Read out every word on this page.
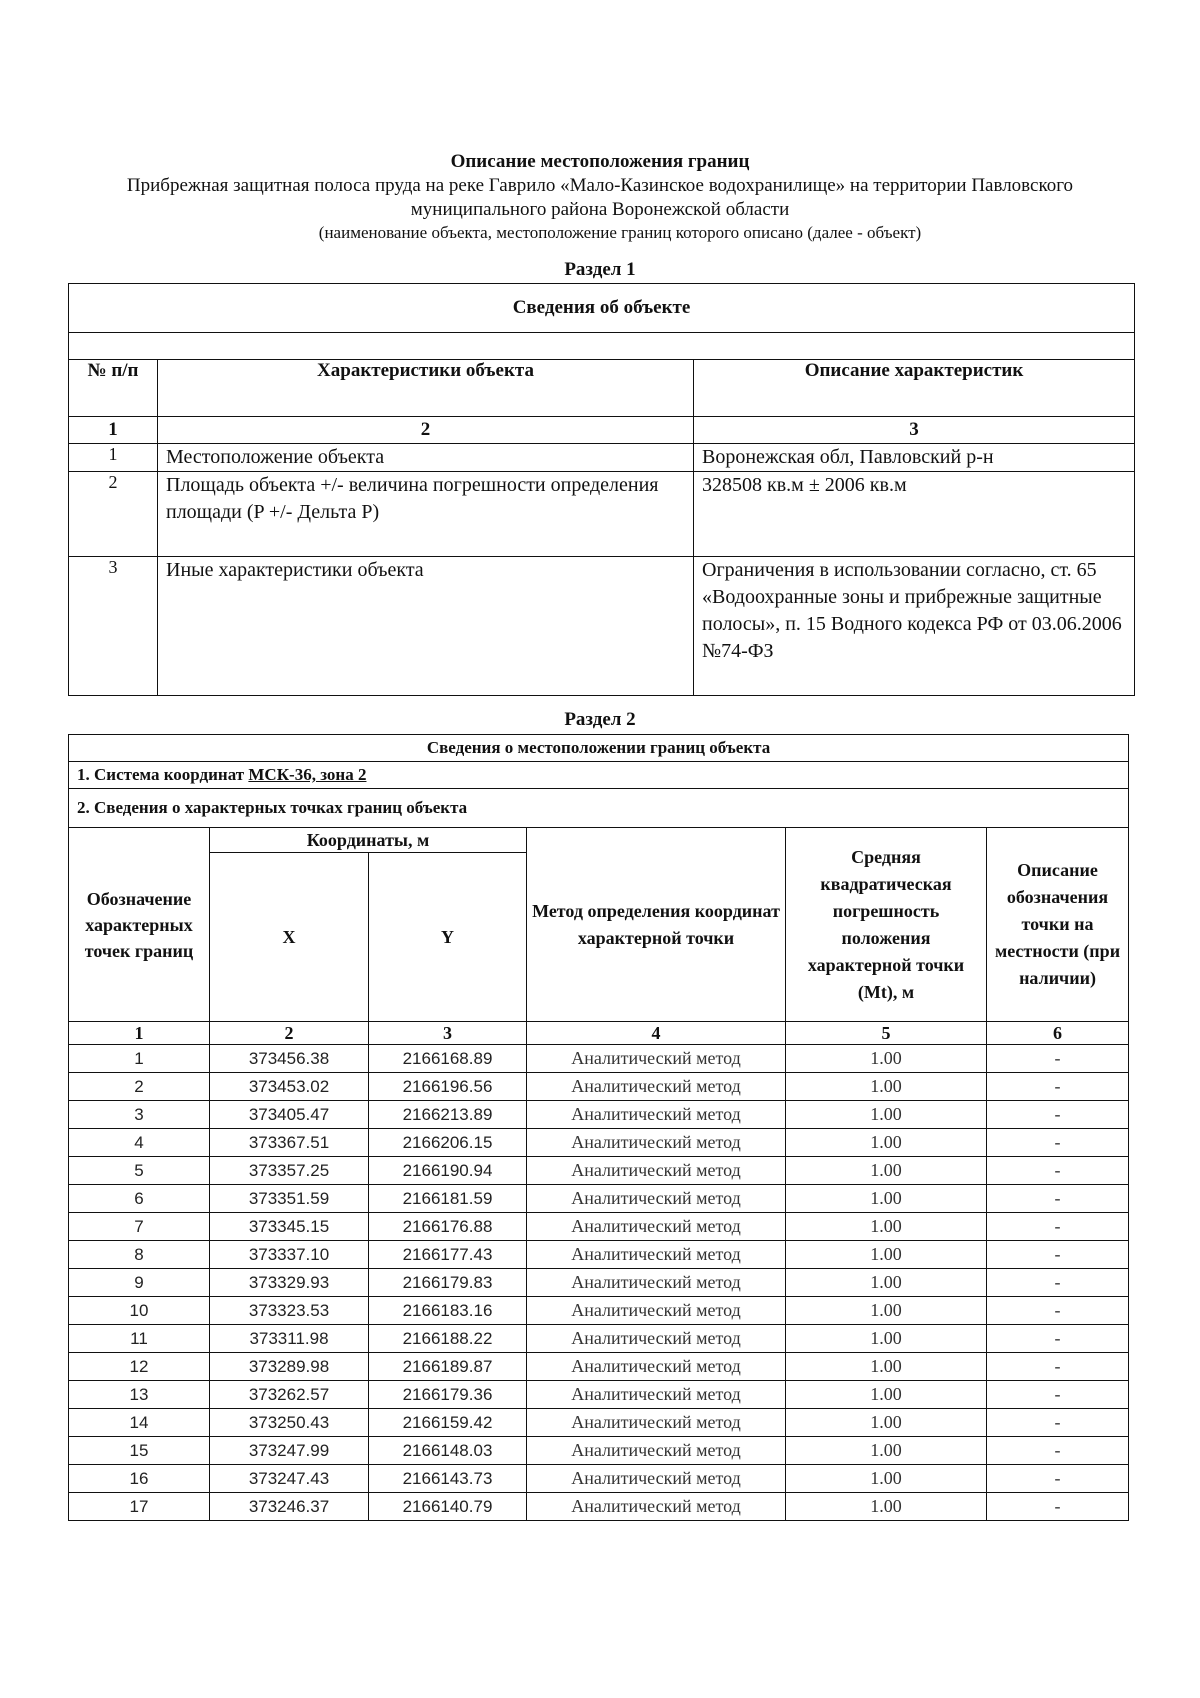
Описание местоположения границ
Прибрежная защитная полоса пруда на реке Гаврило «Мало-Казинское водохранилище» на территории Павловского муниципального района Воронежской области
(наименование объекта, местоположение границ которого описано (далее - объект)
Раздел 1
Сведения об объекте		

№ п/п	Характеристики объекта	Описание характеристик
1	2	3
1	Местоположение объекта	Воронежская обл, Павловский р-н
2	Площадь объекта +/- величина погрешности определения площади (P +/- Дельта P)	328508 кв.м ± 2006 кв.м
3	Иные характеристики объекта	Ограничения в использовании согласно, ст. 65 «Водоохранные зоны и прибрежные защитные полосы», п. 15 Водного кодекса РФ от 03.06.2006 №74-ФЗ
Раздел 2
Сведения о местоположении границ объекта					
1. Система координат МСК-36, зона 2					
2. Сведения о характерных точках границ объекта					
Обозначение характерных точек границ	Координаты, м		Метод определения координат характерной точки	Средняя квадратическая погрешность положения характерной точки (Mt), м	Описание обозначения точки на местности (при наличии)
	X	Y			
1	2	3	4	5	6
1	373456.38	2166168.89	Аналитический метод	1.00	-
2	373453.02	2166196.56	Аналитический метод	1.00	-
3	373405.47	2166213.89	Аналитический метод	1.00	-
4	373367.51	2166206.15	Аналитический метод	1.00	-
5	373357.25	2166190.94	Аналитический метод	1.00	-
6	373351.59	2166181.59	Аналитический метод	1.00	-
7	373345.15	2166176.88	Аналитический метод	1.00	-
8	373337.10	2166177.43	Аналитический метод	1.00	-
9	373329.93	2166179.83	Аналитический метод	1.00	-
10	373323.53	2166183.16	Аналитический метод	1.00	-
11	373311.98	2166188.22	Аналитический метод	1.00	-
12	373289.98	2166189.87	Аналитический метод	1.00	-
13	373262.57	2166179.36	Аналитический метод	1.00	-
14	373250.43	2166159.42	Аналитический метод	1.00	-
15	373247.99	2166148.03	Аналитический метод	1.00	-
16	373247.43	2166143.73	Аналитический метод	1.00	-
17	373246.37	2166140.79	Аналитический метод	1.00	-
